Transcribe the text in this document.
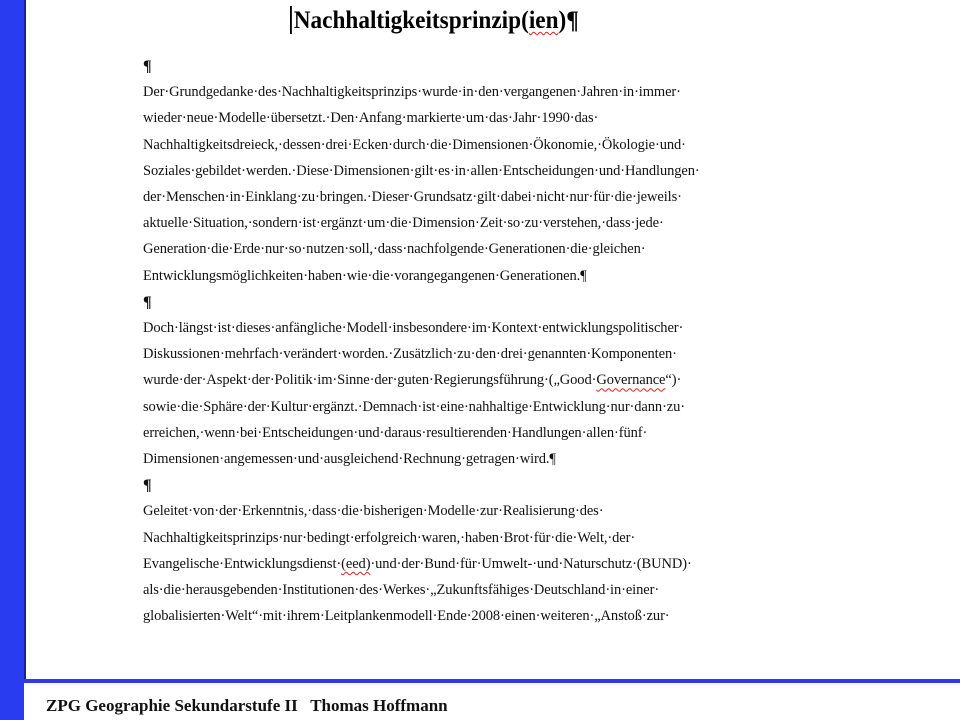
Nachhaltigkeitsprinzip(ien)¶
¶
Der·Grundgedanke·des·Nachhaltigkeitsprinzips·wurde·in·den·vergangenen·Jahren·in·immer·
wieder·neue·Modelle·übersetzt.·Den·Anfang·markierte·um·das·Jahr·1990·das·
Nachhaltigkeitsdreieck,·dessen·drei·Ecken·durch·die·Dimensionen·Ökonomie,·Ökologie·und·
Soziales·gebildet·werden.·Diese·Dimensionen·gilt·es·in·allen·Entscheidungen·und·Handlungen·
der·Menschen·in·Einklang·zu·bringen.·Dieser·Grundsatz·gilt·dabei·nicht·nur·für·die·jeweils·
aktuelle·Situation,·sondern·ist·ergänzt·um·die·Dimension·Zeit·so·zu·verstehen,·dass·jede·
Generation·die·Erde·nur·so·nutzen·soll,·dass·nachfolgende·Generationen·die·gleichen·
Entwicklungsmöglichkeiten·haben·wie·die·vorangegangenen·Generationen.¶
¶
Doch·längst·ist·dieses·anfängliche·Modell·insbesondere·im·Kontext·entwicklungspolitischer·
Diskussionen·mehrfach·verändert·worden.·Zusätzlich·zu·den·drei·genannten·Komponenten·
wurde·der·Aspekt·der·Politik·im·Sinne·der·guten·Regierungsführung·(„Good·Governance“)·
sowie·die·Sphäre·der·Kultur·ergänzt.·Demnach·ist·eine·nahhaltige·Entwicklung·nur·dann·zu·
erreichen,·wenn·bei·Entscheidungen·und·daraus·resultierenden·Handlungen·allen·fünf·
Dimensionen·angemessen·und·ausgleichend·Rechnung·getragen·wird.¶
¶
Geleitet·von·der·Erkenntnis,·dass·die·bisherigen·Modelle·zur·Realisierung·des·
Nachhaltigkeitsprinzips·nur·bedingt·erfolgreich·waren,·haben·Brot·für·die·Welt,·der·
Evangelische·Entwicklungsdienst·(eed)·und·der·Bund·für·Umwelt-·und·Naturschutz·(BUND)·
als·die·herausgebenden·Institutionen·des·Werkes·„Zukunftsfähiges·Deutschland·in·einer·
globalisierten·Welt“·mit·ihrem·Leitplankenmodell·Ende·2008·einen·weiteren·„Anstoß·zur·
ZPG Geographie Sekundarstufe II Thomas Hoffmann
